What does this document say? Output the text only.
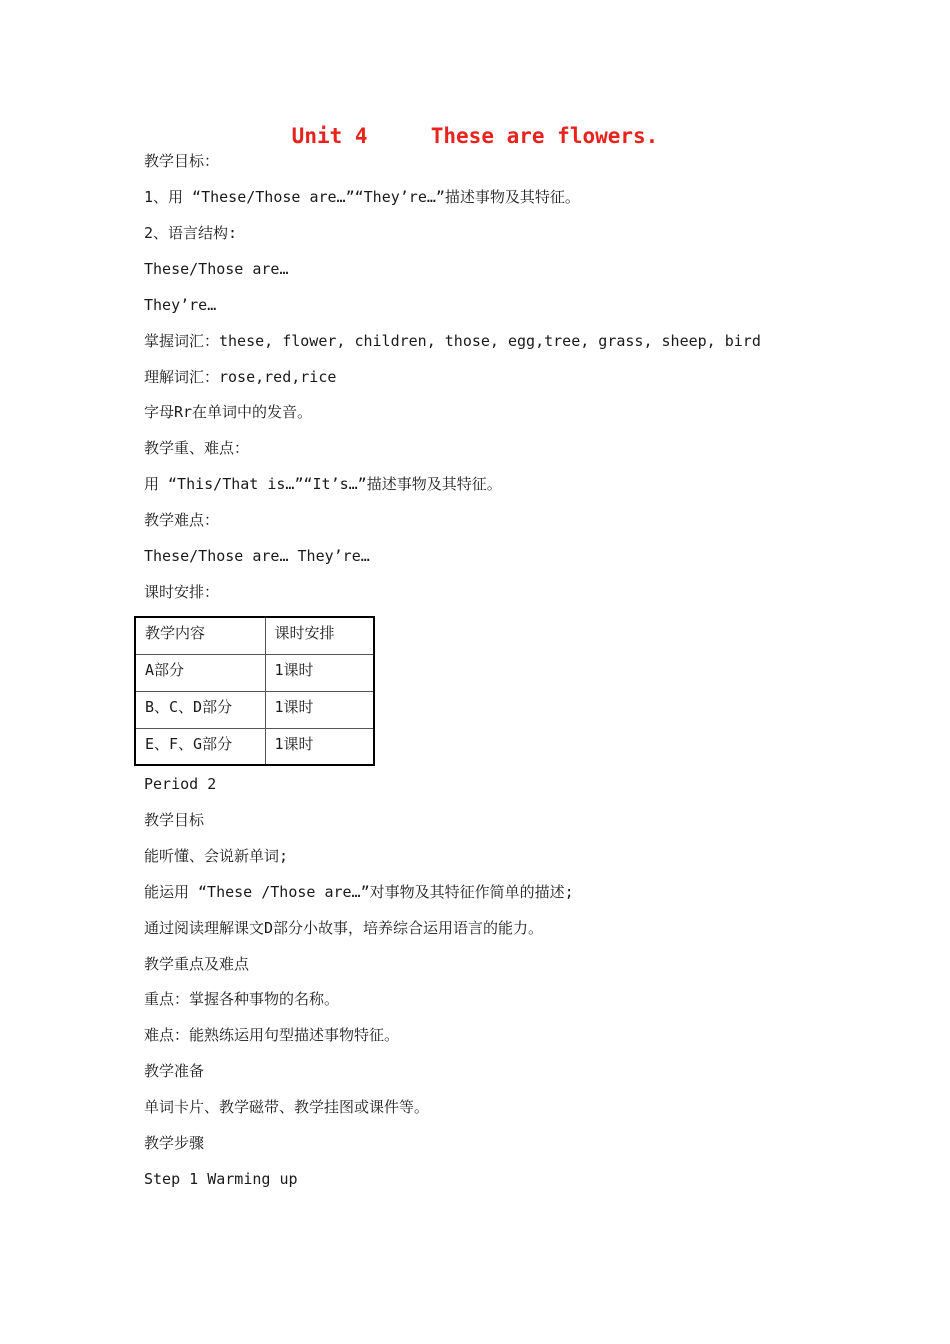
Unit 4     These are flowers.
教学目标：
1、用 “These/Those are…”“They’re…”描述事物及其特征。
2、语言结构:
These/Those are…
They’re…
掌握词汇：these, flower, children, those, egg,tree, grass, sheep, bird
理解词汇：rose,red,rice
字母Rr在单词中的发音。
教学重、难点：
用 “This/That is…”“It’s…”描述事物及其特征。
教学难点：
These/Those are… They’re…
课时安排：
教学内容	课时安排
A部分	1课时
B、C、D部分	1课时
E、F、G部分	1课时
Period 2
教学目标
能听懂、会说新单词;
能运用 “These /Those are…”对事物及其特征作简单的描述;
通过阅读理解课文D部分小故事，培养综合运用语言的能力。
教学重点及难点
重点：掌握各种事物的名称。
难点：能熟练运用句型描述事物特征。
教学准备
单词卡片、教学磁带、教学挂图或课件等。
教学步骤
Step 1 Warming up
